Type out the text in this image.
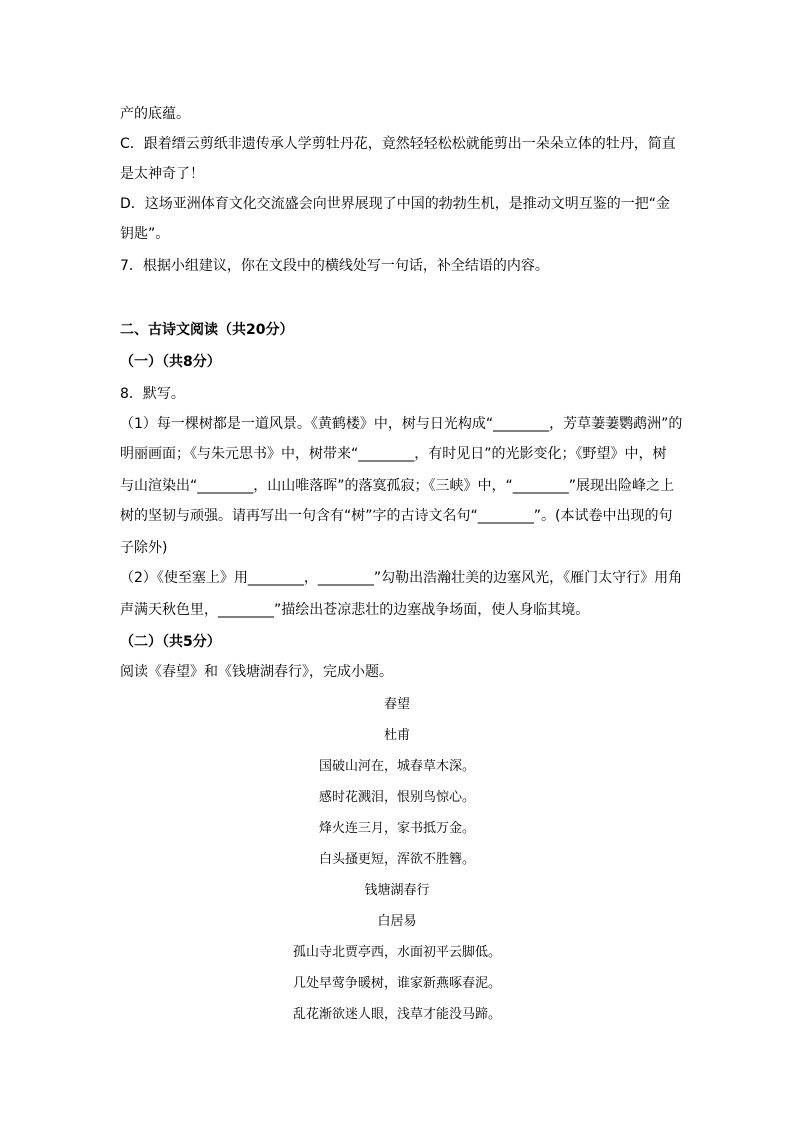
产的底蕴。
C．跟着缙云剪纸非遗传承人学剪牡丹花，竟然轻轻松松就能剪出一朵朵立体的牡丹，简直
是太神奇了！
D．这场亚洲体育文化交流盛会向世界展现了中国的勃勃生机，是推动文明互鉴的一把“金
钥匙”。
7．根据小组建议，你在文段中的横线处写一句话，补全结语的内容。
二、古诗文阅读（共20分）
（一）（共8分）
8．默写。
（1）每一棵树都是一道风景。《黄鹤楼》中，树与日光构成“________，芳草萋萋鹦鹉洲”的
明丽画面；《与朱元思书》中，树带来“________，有时见日”的光影变化；《野望》中，树
与山渲染出“________，山山唯落晖”的落寞孤寂；《三峡》中，“________”展现出险峰之上
树的坚韧与顽强。请再写出一句含有“树”字的古诗文名句“________”。(本试卷中出现的句
子除外)
（2）《使至塞上》用________，________”勾勒出浩瀚壮美的边塞风光，《雁门太守行》用角
声满天秋色里，________”描绘出苍凉悲壮的边塞战争场面，使人身临其境。
（二）（共5分）
阅读《春望》和《钱塘湖春行》，完成小题。
春望
杜甫
国破山河在，城春草木深。
感时花溅泪，恨别鸟惊心。
烽火连三月，家书抵万金。
白头搔更短，浑欲不胜簪。
钱塘湖春行
白居易
孤山寺北贾亭西，水面初平云脚低。
几处早莺争暖树，谁家新燕啄春泥。
乱花渐欲迷人眼，浅草才能没马蹄。
